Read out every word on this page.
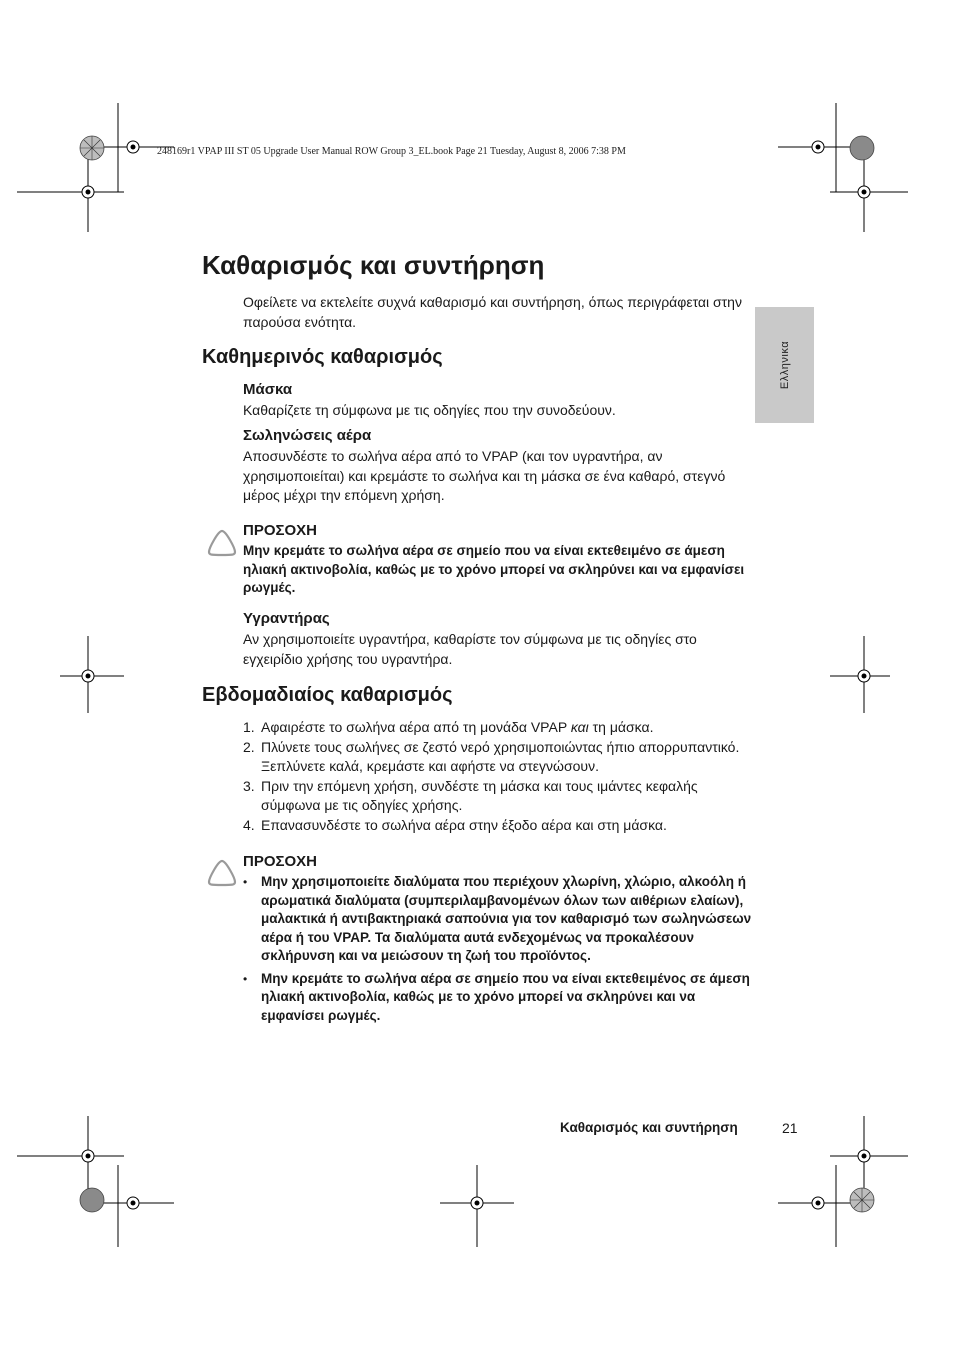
248169r1 VPAP III ST 05 Upgrade User Manual ROW Group 3_EL.book Page 21 Tuesday, August 8, 2006 7:38 PM
Ελληνικα
Καθαρισμός και συντήρηση
Οφείλετε να εκτελείτε συχνά καθαρισμό και συντήρηση, όπως περιγράφεται στην παρούσα ενότητα.
Καθημερινός καθαρισμός
Μάσκα
Καθαρίζετε τη σύμφωνα με τις οδηγίες που την συνοδεύουν.
Σωληνώσεις αέρα
Αποσυνδέστε το σωλήνα αέρα από το VPAP (και τον υγραντήρα, αν χρησιμοποιείται) και κρεμάστε το σωλήνα και τη μάσκα σε ένα καθαρό, στεγνό μέρος μέχρι την επόμενη χρήση.
ΠΡΟΣΟΧΗ
Μην κρεμάτε το σωλήνα αέρα σε σημείο που να είναι εκτεθειμένο σε άμεση ηλιακή ακτινοβολία, καθώς με το χρόνο μπορεί να σκληρύνει και να εμφανίσει ρωγμές.
Υγραντήρας
Αν χρησιμοποιείτε υγραντήρα, καθαρίστε τον σύμφωνα με τις οδηγίες στο εγχειρίδιο χρήσης του υγραντήρα.
Εβδομαδιαίος καθαρισμός
1. Αφαιρέστε το σωλήνα αέρα από τη μονάδα VPAP και τη μάσκα.
2. Πλύνετε τους σωλήνες σε ζεστό νερό χρησιμοποιώντας ήπιο απορρυπαντικό. Ξεπλύνετε καλά, κρεμάστε και αφήστε να στεγνώσουν.
3. Πριν την επόμενη χρήση, συνδέστε τη μάσκα και τους ιμάντες κεφαλής σύμφωνα με τις οδηγίες χρήσης.
4. Επανασυνδέστε το σωλήνα αέρα στην έξοδο αέρα και στη μάσκα.
ΠΡΟΣΟΧΗ
• Μην χρησιμοποιείτε διαλύματα που περιέχουν χλωρίνη, χλώριο, αλκοόλη ή αρωματικά διαλύματα (συμπεριλαμβανομένων όλων των αιθέριων ελαίων), μαλακτικά ή αντιβακτηριακά σαπούνια για τον καθαρισμό των σωληνώσεων αέρα ή του VPAP. Τα διαλύματα αυτά ενδεχομένως να προκαλέσουν σκλήρυνση και να μειώσουν τη ζωή του προϊόντος.
• Μην κρεμάτε το σωλήνα αέρα σε σημείο που να είναι εκτεθειμένος σε άμεση ηλιακή ακτινοβολία, καθώς με το χρόνο μπορεί να σκληρύνει και να εμφανίσει ρωγμές.
Καθαρισμός και συντήρηση	21
